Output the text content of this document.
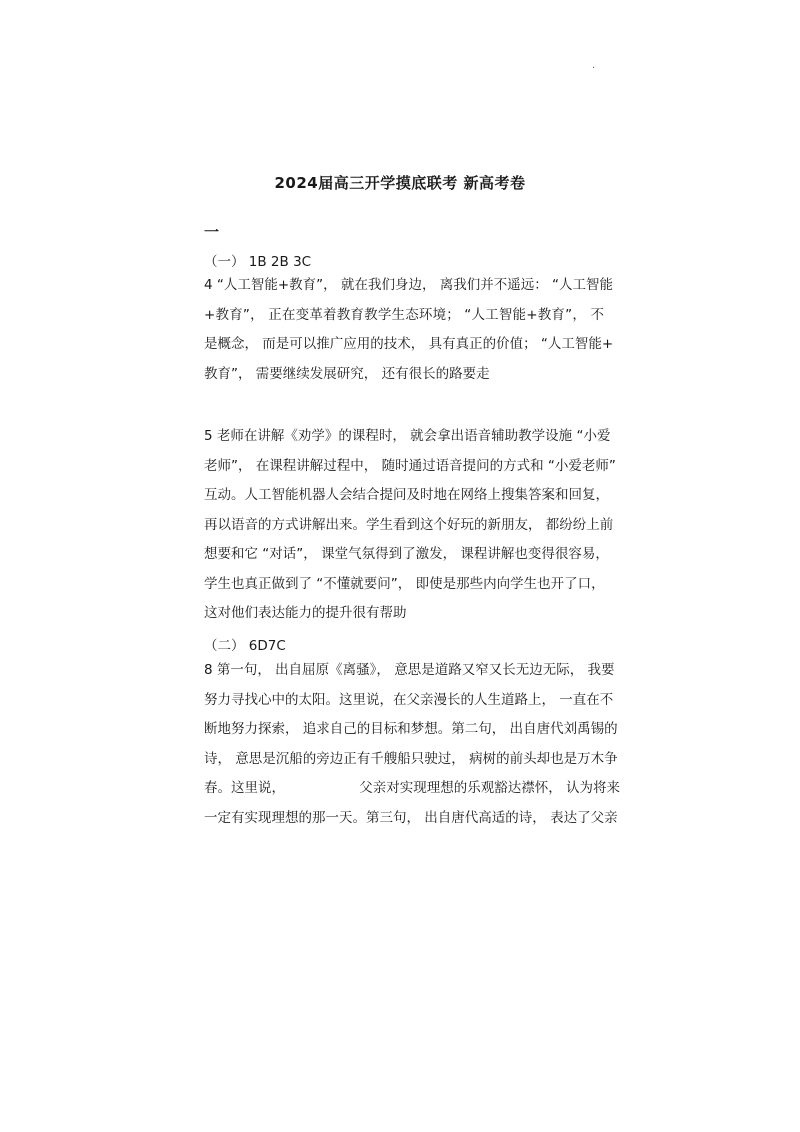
.
2024届高三开学摸底联考 新高考卷
一
（一） 1B 2B 3C
4 “人工智能+教育”， 就在我们身边， 离我们并不遥远： “人工智能
+教育”， 正在变革着教育教学生态环境； “人工智能+教育”， 不
是概念， 而是可以推广应用的技术， 具有真正的价值； “人工智能+
教育”， 需要继续发展研究， 还有很长的路要走
5 老师在讲解《劝学》的课程时， 就会拿出语音辅助教学设施 “小爱
老师”， 在课程讲解过程中， 随时通过语音提问的方式和 “小爱老师”
互动。人工智能机器人会结合提问及时地在网络上搜集答案和回复，
再以语音的方式讲解出来。学生看到这个好玩的新朋友， 都纷纷上前
想要和它 “对话”， 课堂气氛得到了激发， 课程讲解也变得很容易，
学生也真正做到了 “不懂就要问”， 即使是那些内向学生也开了口，
这对他们表达能力的提升很有帮助
（二） 6D7C
8 第一句， 出自屈原《离骚》， 意思是道路又窄又长无边无际， 我要
努力寻找心中的太阳。这里说，在父亲漫长的人生道路上， 一直在不
断地努力探索， 追求自己的目标和梦想。第二句， 出自唐代刘禹锡的
诗， 意思是沉船的旁边正有千艘船只驶过， 病树的前头却也是万木争
春。这里说，　　　　　　父亲对实现理想的乐观豁达襟怀， 认为将来
一定有实现理想的那一天。第三句， 出自唐代高适的诗， 表达了父亲
